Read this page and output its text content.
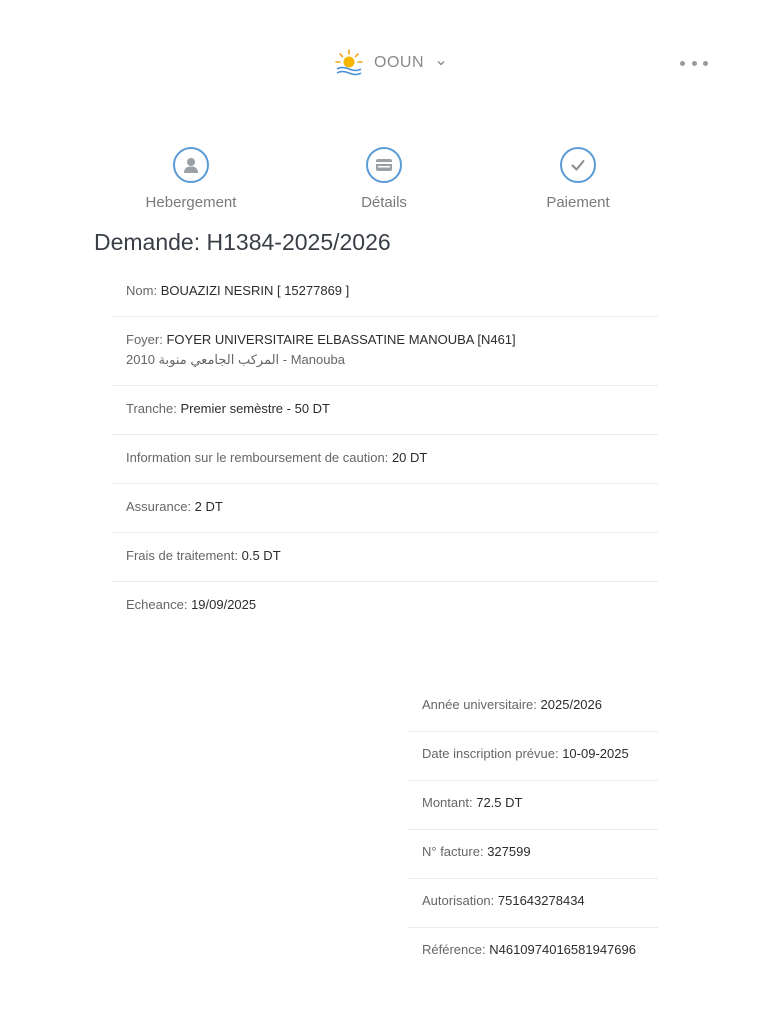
OOUN
Hebergement	Détails	Paiement
Demande: H1384-2025/2026
Nom: BOUAZIZI NESRIN [ 15277869 ]
Foyer: FOYER UNIVERSITAIRE ELBASSATINE MANOUBA [N461]
2010 المركب الجامعي منوبة - Manouba
Tranche: Premier semèstre - 50 DT
Information sur le remboursement de caution: 20 DT
Assurance: 2 DT
Frais de traitement: 0.5 DT
Echeance: 19/09/2025
Année universitaire: 2025/2026
Date inscription prévue: 10-09-2025
Montant: 72.5 DT
N° facture: 327599
Autorisation: 751643278434
Référence: N4610974016581947696
